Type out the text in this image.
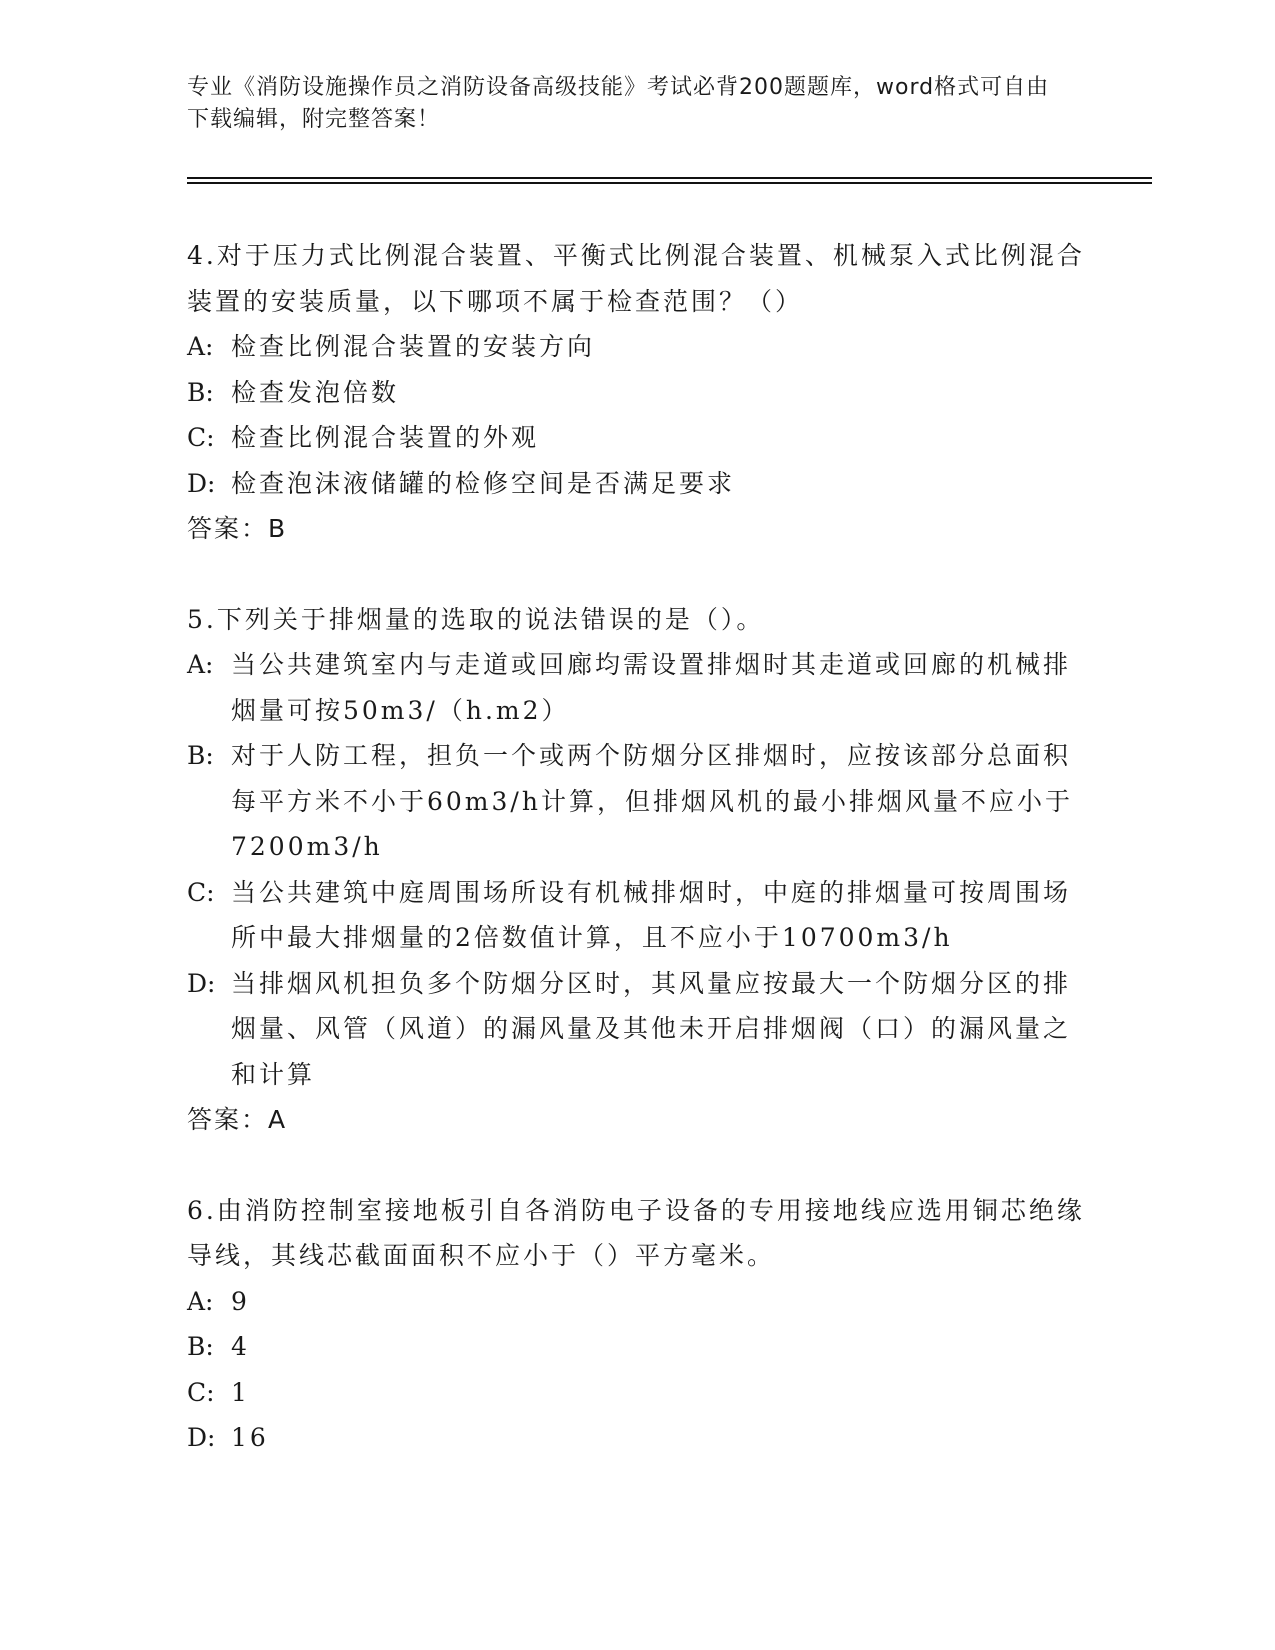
专业《消防设施操作员之消防设备高级技能》考试必背200题题库，word格式可自由下载编辑，附完整答案！

4.对于压力式比例混合装置、平衡式比例混合装置、机械泵入式比例混合装置的安装质量，以下哪项不属于检查范围？（）

A: 检查比例混合装置的安装方向
B: 检查发泡倍数
C: 检查比例混合装置的外观
D: 检查泡沫液储罐的检修空间是否满足要求

答案：B

5.下列关于排烟量的选取的说法错误的是（）。

A: 当公共建筑室内与走道或回廊均需设置排烟时其走道或回廊的机械排烟量可按50m3/（h.m2）
B: 对于人防工程，担负一个或两个防烟分区排烟时，应按该部分总面积每平方米不小于60m3/h计算，但排烟风机的最小排烟风量不应小于7200m3/h
C: 当公共建筑中庭周围场所设有机械排烟时，中庭的排烟量可按周围场所中最大排烟量的2倍数值计算，且不应小于10700m3/h
D: 当排烟风机担负多个防烟分区时，其风量应按最大一个防烟分区的排烟量、风管（风道）的漏风量及其他未开启排烟阀（口）的漏风量之和计算

答案：A

6.由消防控制室接地板引自各消防电子设备的专用接地线应选用铜芯绝缘导线，其线芯截面面积不应小于（）平方毫米。

A: 9
B: 4
C: 1
D: 16
